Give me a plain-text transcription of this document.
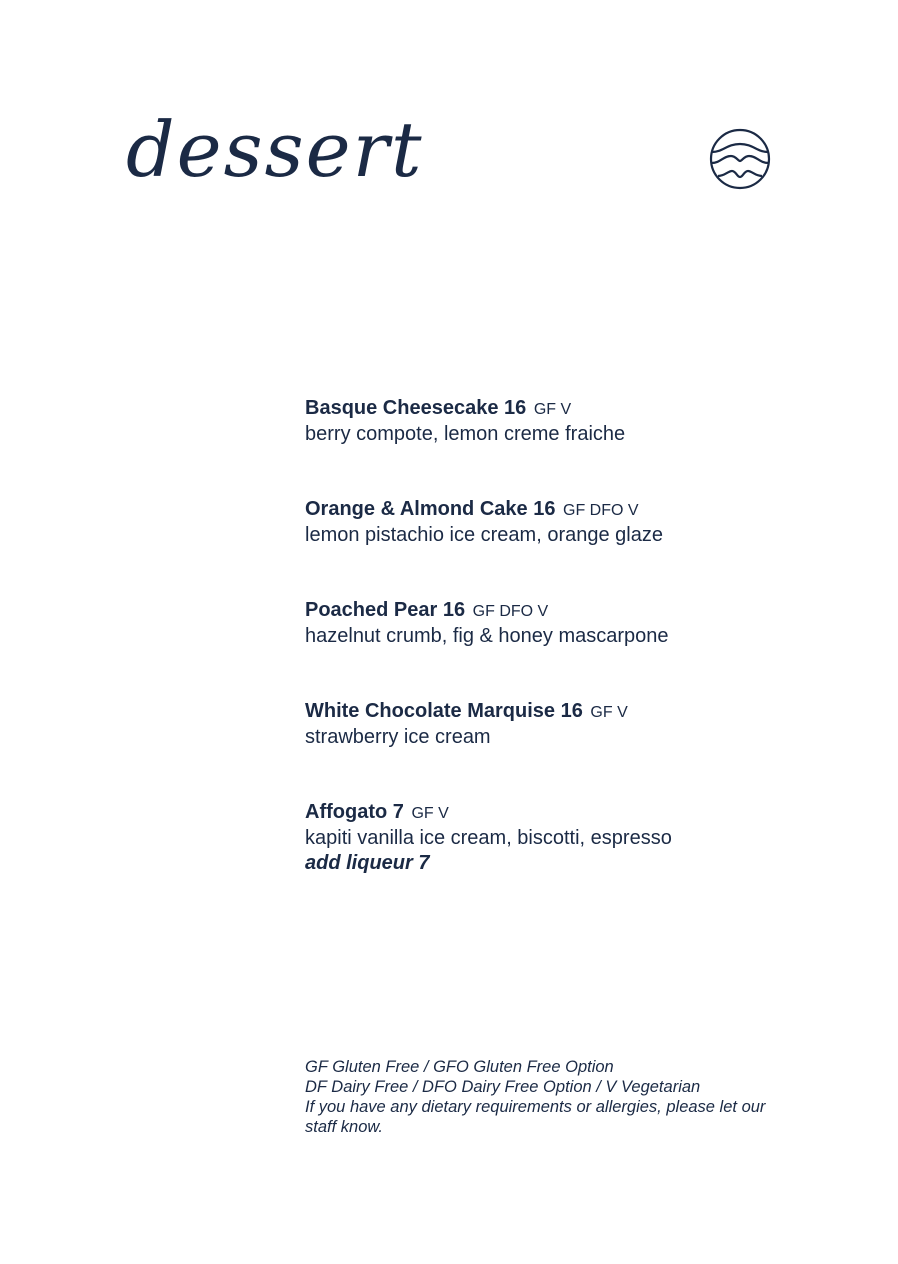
dessert
Basque Cheesecake 16 GF V
berry compote, lemon creme fraiche
Orange & Almond Cake 16 GF DFO V
lemon pistachio ice cream, orange glaze
Poached Pear 16 GF DFO V
hazelnut crumb, fig & honey mascarpone
White Chocolate Marquise 16 GF V
strawberry ice cream
Affogato 7 GF V
kapiti vanilla ice cream, biscotti, espresso
add liqueur 7
GF Gluten Free / GFO Gluten Free Option
DF Dairy Free / DFO Dairy Free Option / V Vegetarian
If you have any dietary requirements or allergies, please let our staff know.
